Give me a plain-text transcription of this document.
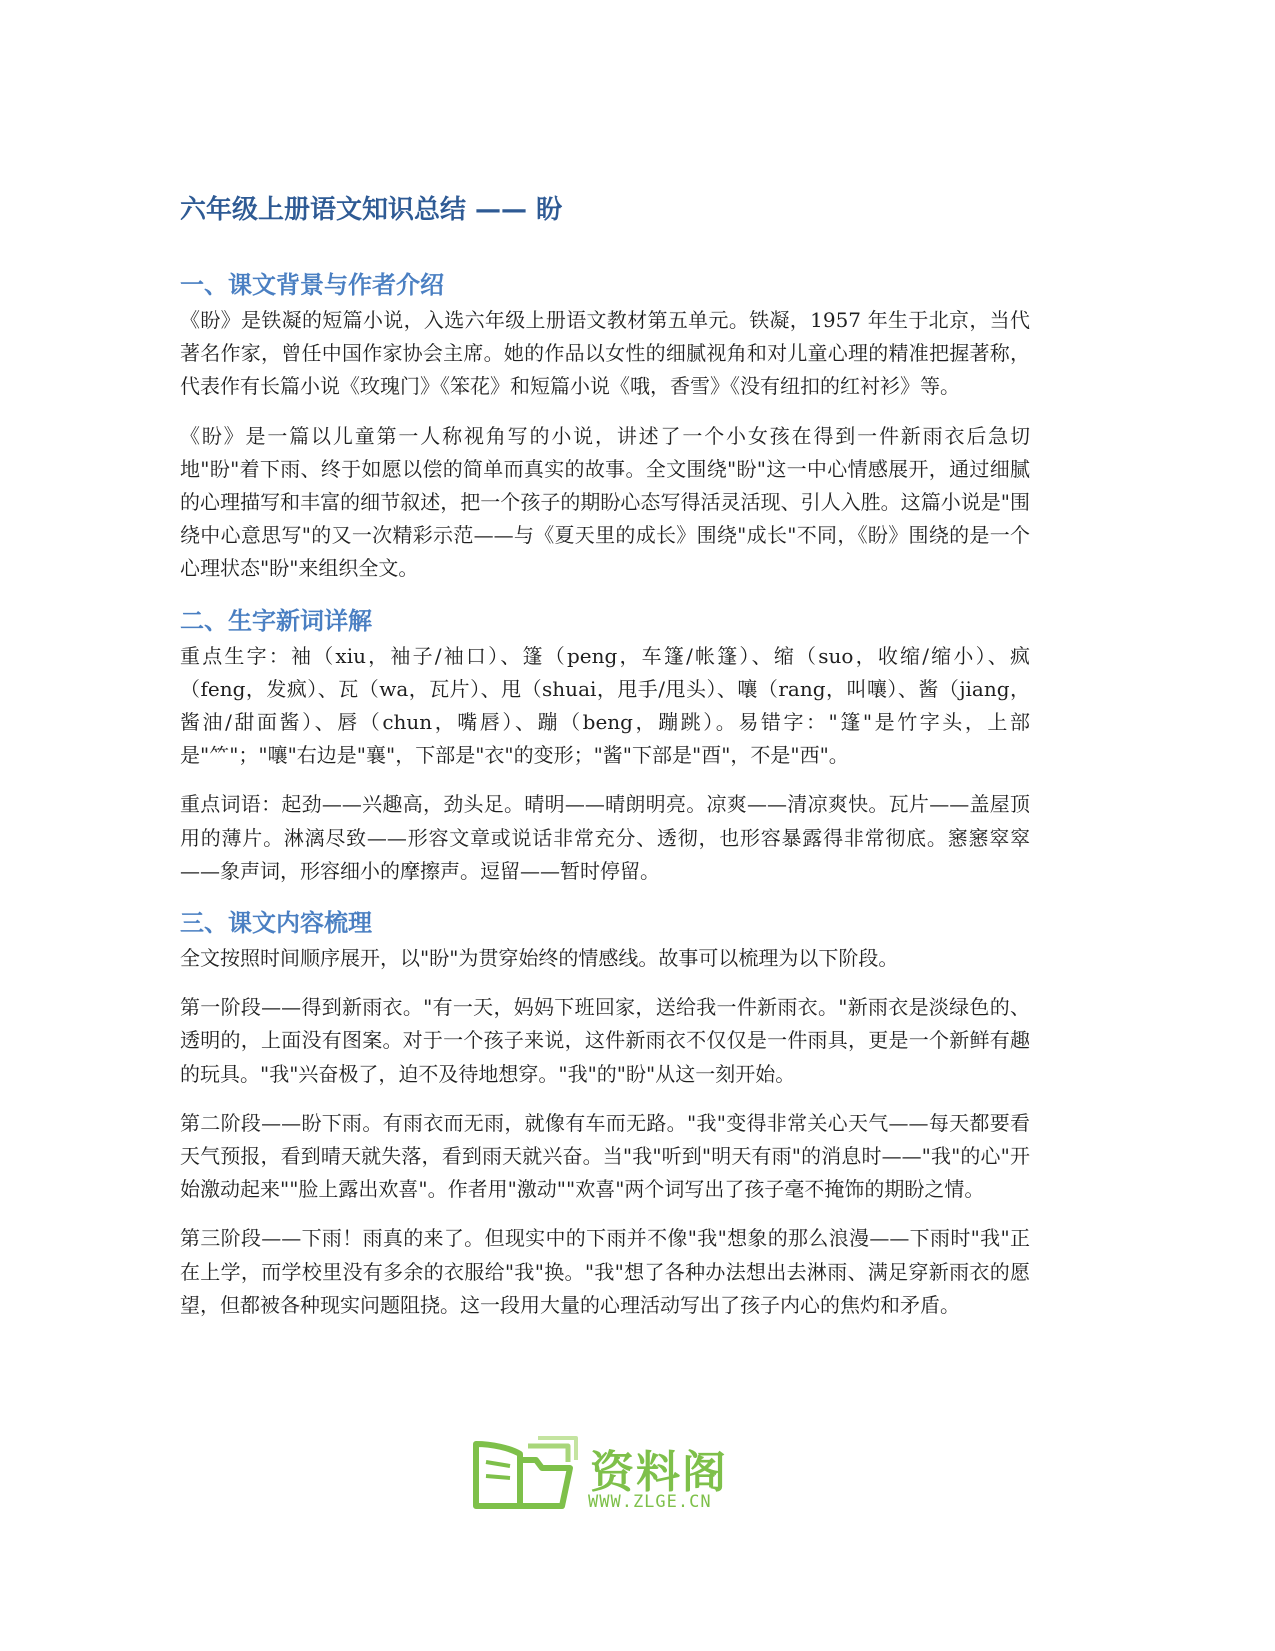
六年级上册语文知识总结 —— 盼
一、课文背景与作者介绍

《盼》是铁凝的短篇小说，入选六年级上册语文教材第五单元。铁凝，1957 年生于北京，当代著名作家，曾任中国作家协会主席。她的作品以女性的细腻视角和对儿童心理的精准把握著称，代表作有长篇小说《玫瑰门》《笨花》和短篇小说《哦，香雪》《没有纽扣的红衬衫》等。

《盼》是一篇以儿童第一人称视角写的小说，讲述了一个小女孩在得到一件新雨衣后急切地"盼"着下雨、终于如愿以偿的简单而真实的故事。全文围绕"盼"这一中心情感展开，通过细腻的心理描写和丰富的细节叙述，把一个孩子的期盼心态写得活灵活现、引人入胜。这篇小说是"围绕中心意思写"的又一次精彩示范——与《夏天里的成长》围绕"成长"不同，《盼》围绕的是一个心理状态"盼"来组织全文。

二、生字新词详解

重点生字：袖（xiu，袖子/袖口）、篷（peng，车篷/帐篷）、缩（suo，收缩/缩小）、疯（feng，发疯）、瓦（wa，瓦片）、甩（shuai，甩手/甩头）、嚷（rang，叫嚷）、酱（jiang，酱油/甜面酱）、唇（chun，嘴唇）、蹦（beng，蹦跳）。易错字："篷"是竹字头，上部是"⺮"；"嚷"右边是"襄"，下部是"衣"的变形；"酱"下部是"酉"，不是"西"。

重点词语：起劲——兴趣高，劲头足。晴明——晴朗明亮。凉爽——清凉爽快。瓦片——盖屋顶用的薄片。淋漓尽致——形容文章或说话非常充分、透彻，也形容暴露得非常彻底。窸窸窣窣——象声词，形容细小的摩擦声。逗留——暂时停留。

三、课文内容梳理

全文按照时间顺序展开，以"盼"为贯穿始终的情感线。故事可以梳理为以下阶段。

第一阶段——得到新雨衣。"有一天，妈妈下班回家，送给我一件新雨衣。"新雨衣是淡绿色的、透明的，上面没有图案。对于一个孩子来说，这件新雨衣不仅仅是一件雨具，更是一个新鲜有趣的玩具。"我"兴奋极了，迫不及待地想穿。"我"的"盼"从这一刻开始。

第二阶段——盼下雨。有雨衣而无雨，就像有车而无路。"我"变得非常关心天气——每天都要看天气预报，看到晴天就失落，看到雨天就兴奋。当"我"听到"明天有雨"的消息时——"我"的心"开始激动起来""脸上露出欢喜"。作者用"激动""欢喜"两个词写出了孩子毫不掩饰的期盼之情。

第三阶段——下雨！雨真的来了。但现实中的下雨并不像"我"想象的那么浪漫——下雨时"我"正在上学，而学校里没有多余的衣服给"我"换。"我"想了各种办法想出去淋雨、满足穿新雨衣的愿望，但都被各种现实问题阻挠。这一段用大量的心理活动写出了孩子内心的焦灼和矛盾。

资料阁
WWW.ZLGE.CN
